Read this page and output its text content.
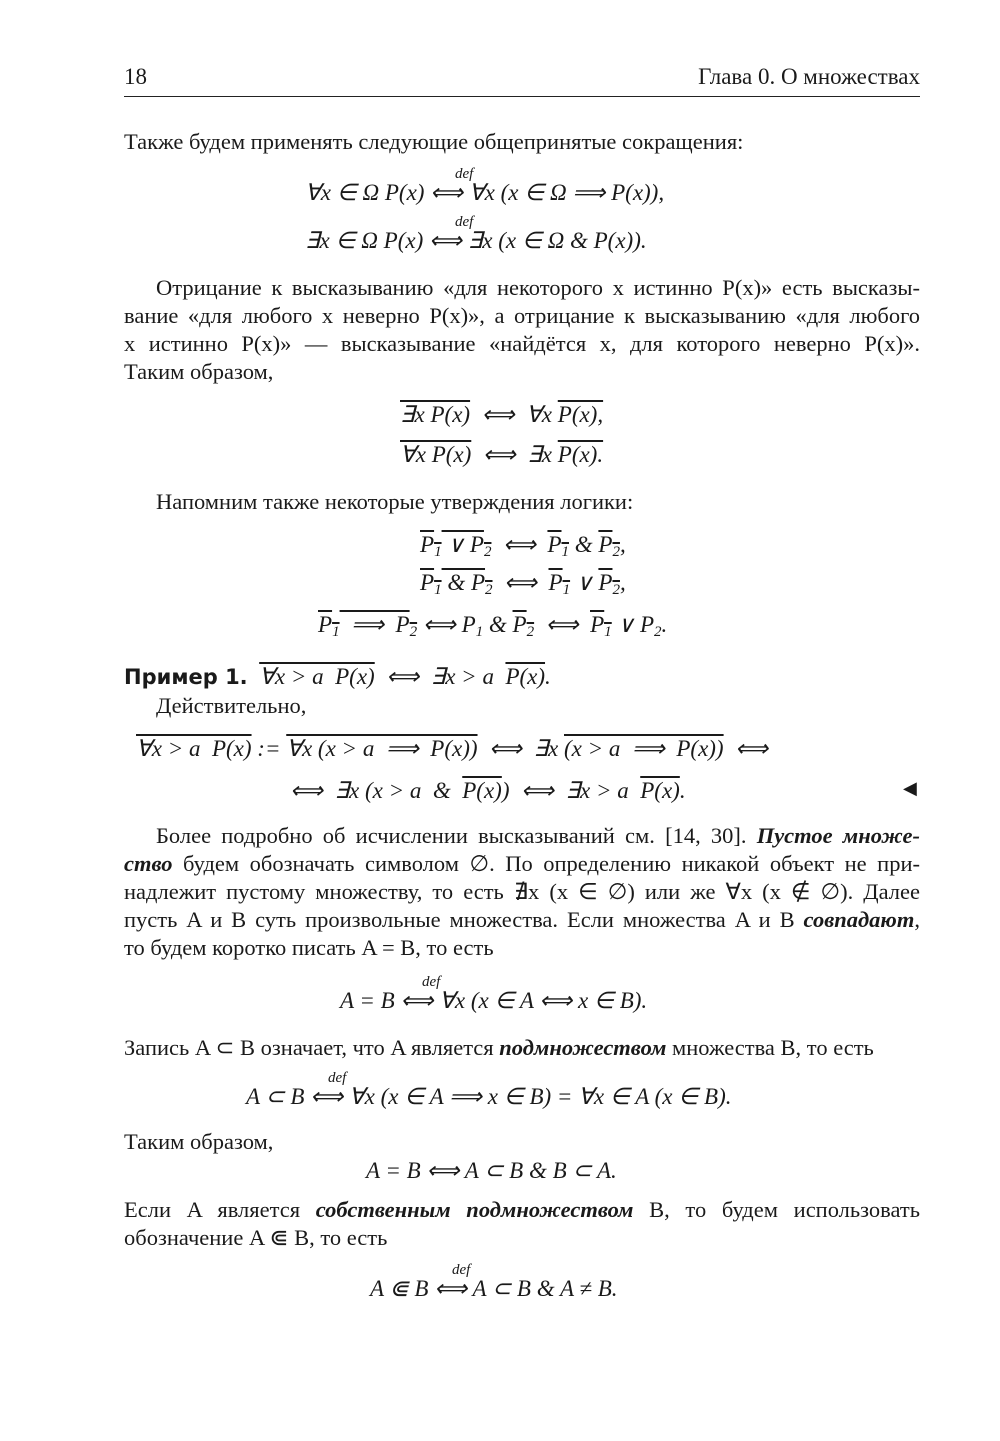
18	Глава 0. О множествах
Также будем применять следующие общепринятые сокращения:
def
∀x ∈ Ω P(x) ⟺ ∀x (x ∈ Ω ⟹ P(x)),
def
∃x ∈ Ω P(x) ⟺ ∃x (x ∈ Ω & P(x)).
Отрицание к высказыванию «для некоторого x истинно P(x)» есть высказы-
вание «для любого x неверно P(x)», а отрицание к высказыванию «для любого
x истинно P(x)» — высказывание «найдётся x, для которого неверно P(x)».
Таким образом,
∃x P(x)  ⟺  ∀x P(x),
∀x P(x)  ⟺  ∃x P(x).
Напомним также некоторые утверждения логики:
$P_1$ ∨ $P_2$  ⟺  $P_1$ & $P_2$,
$P_1$ & $P_2$  ⟺  $P_1$ ∨ $P_2$,
$P_1$  ⟹  $P_2$ ⟺ $P_1$ & $P_2$  ⟺  $P_1$ ∨ $P_2$.
Пример 1. ∀x > a  P(x)  ⟺  ∃x > a  P(x).
Действительно,
∀x > a  P(x) := ∀x (x > a  ⟹  P(x))  ⟺  ∃x (x > a  ⟹  P(x))  ⟺
⟺  ∃x (x > a  &  P(x))  ⟺  ∃x > a  P(x).	◀
Более подробно об исчислении высказываний см. [14, 30]. Пустое множе-
ство будем обозначать символом ∅. По определению никакой объект не при-
надлежит пустому множеству, то есть ∄x (x ∈ ∅) или же ∀x (x ∉ ∅). Далее
пусть A и B суть произвольные множества. Если множества A и B совпадают,
то будем коротко писать A = B, то есть
def
A = B ⟺ ∀x (x ∈ A ⟺ x ∈ B).
Запись A ⊂ B означает, что A является подмножеством множества B, то есть
def
A ⊂ B ⟺ ∀x (x ∈ A ⟹ x ∈ B) = ∀x ∈ A (x ∈ B).
Таким образом,
A = B ⟺ A ⊂ B & B ⊂ A.
Если A является собственным подмножеством B, то будем использовать
обозначение A ⋐ B, то есть
def
A ⋐ B ⟺ A ⊂ B & A ≠ B.
